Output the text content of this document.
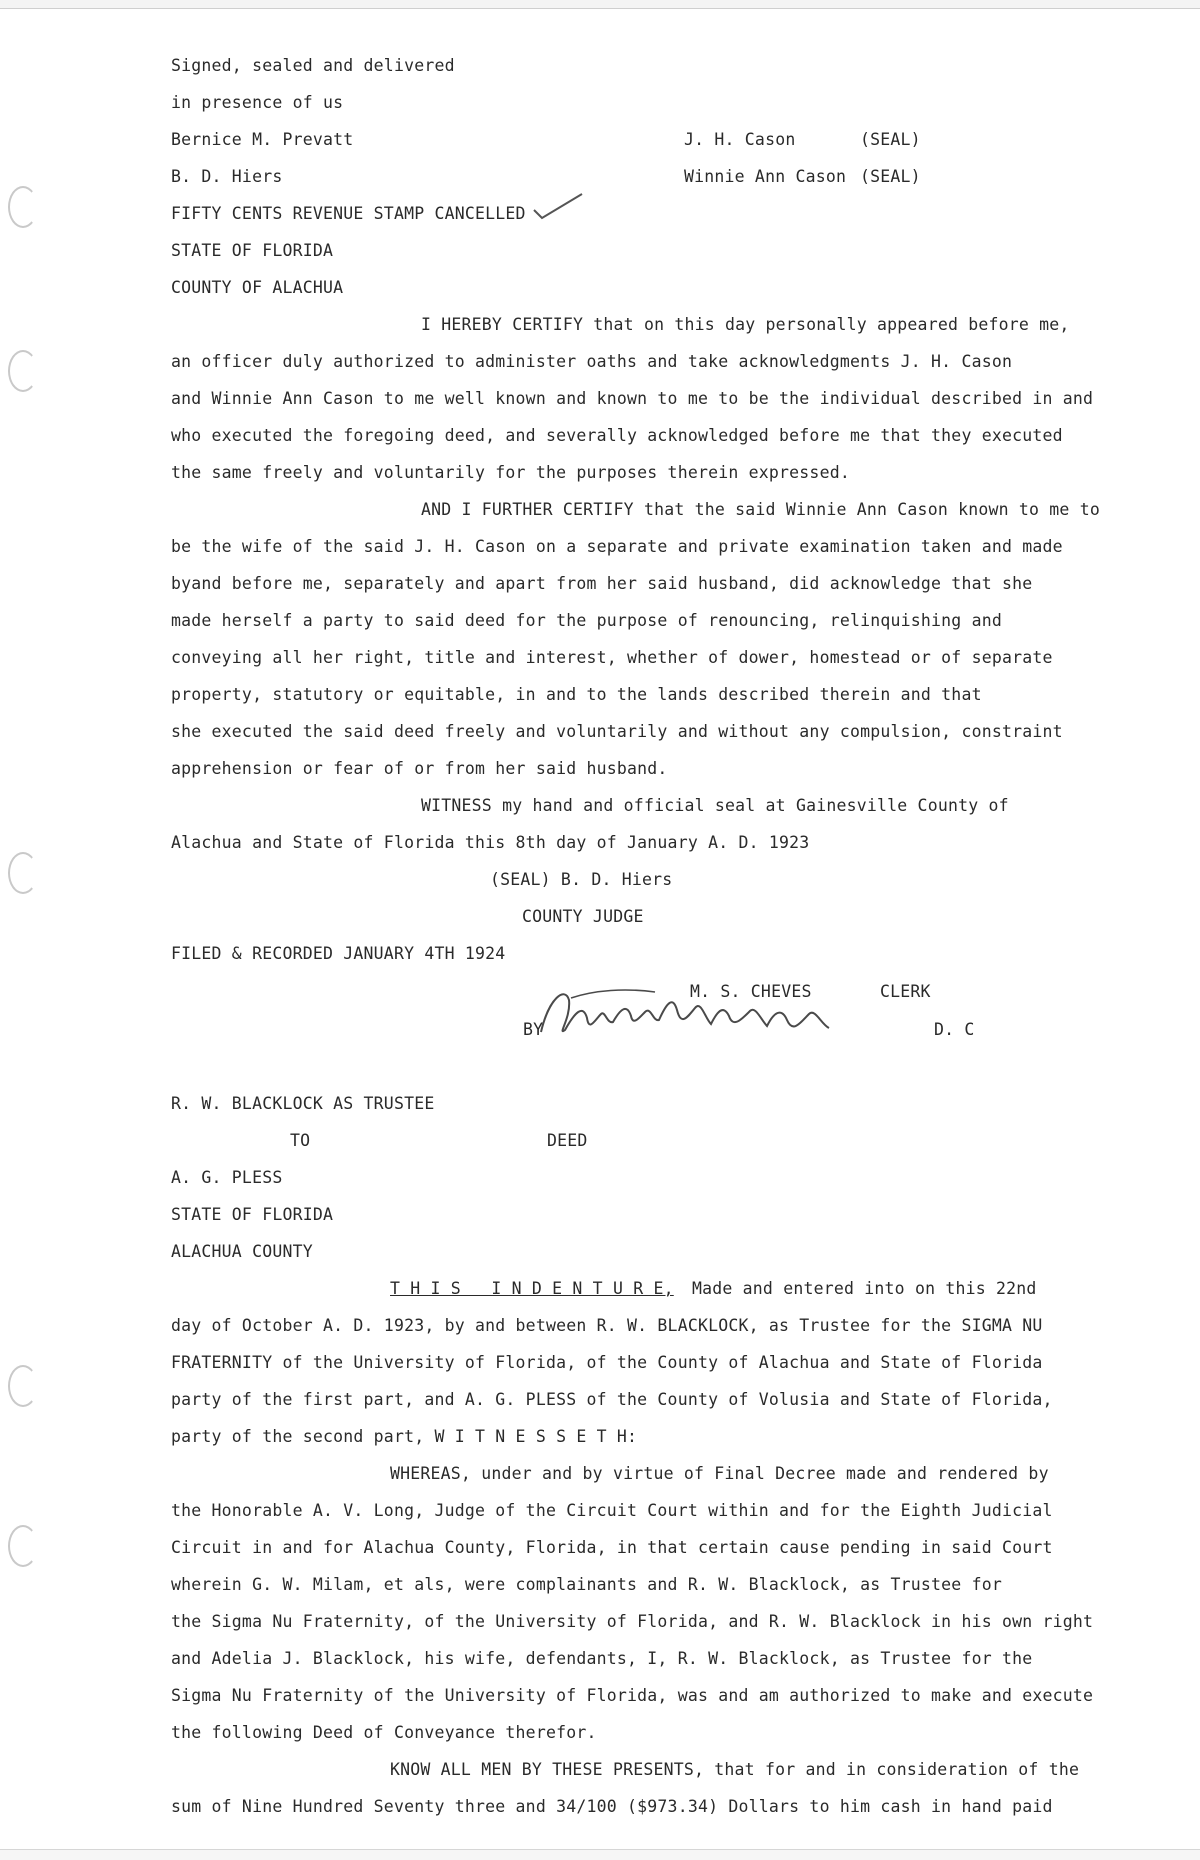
Signed, sealed and delivered
in presence of us
Bernice M. Prevatt	J. H. Cason	(SEAL)
B. D. Hiers	Winnie Ann Cason (SEAL)
FIFTY CENTS REVENUE STAMP CANCELLED
STATE OF FLORIDA
COUNTY OF ALACHUA
I HEREBY CERTIFY that on this day personally appeared before me,
an officer duly authorized to administer oaths and take acknowledgments J. H. Cason
and Winnie Ann Cason to me well known and known to me to be the individual described in and
who executed the foregoing deed, and severally acknowledged before me that they executed
the same freely and voluntarily for the purposes therein expressed.
AND I FURTHER CERTIFY that the said Winnie Ann Cason known to me to
be the wife of the said J. H. Cason on a separate and private examination taken and made
byand before me, separately and apart from her said husband, did acknowledge that she
made herself a party to said deed for the purpose of renouncing, relinquishing and
conveying all her right, title and interest, whether of dower, homestead or of separate
property, statutory or equitable, in and to the lands described therein and that
she executed the said deed freely and voluntarily and without any compulsion, constraint
apprehension or fear of or from her said husband.
WITNESS my hand and official seal at Gainesville County of
Alachua and State of Florida this 8th day of January A. D. 1923
(SEAL) B. D. Hiers
COUNTY JUDGE
FILED & RECORDED JANUARY 4TH 1924
M. S. CHEVES	CLERK
BY	D. C
R. W. BLACKLOCK AS TRUSTEE
TO	DEED
A. G. PLESS
STATE OF FLORIDA
ALACHUA COUNTY
T H I S   I N D E N T U R E, Made and entered into on this 22nd
day of October A. D. 1923, by and between R. W. BLACKLOCK, as Trustee for the SIGMA NU
FRATERNITY of the University of Florida, of the County of Alachua and State of Florida
party of the first part, and A. G. PLESS of the County of Volusia and State of Florida,
party of the second part, W I T N E S S E T H:
WHEREAS, under and by virtue of Final Decree made and rendered by
the Honorable A. V. Long, Judge of the Circuit Court within and for the Eighth Judicial
Circuit in and for Alachua County, Florida, in that certain cause pending in said Court
wherein G. W. Milam, et als, were complainants and R. W. Blacklock, as Trustee for
the Sigma Nu Fraternity, of the University of Florida, and R. W. Blacklock in his own right
and Adelia J. Blacklock, his wife, defendants, I, R. W. Blacklock, as Trustee for the
Sigma Nu Fraternity of the University of Florida, was and am authorized to make and execute
the following Deed of Conveyance therefor.
KNOW ALL MEN BY THESE PRESENTS, that for and in consideration of the
sum of Nine Hundred Seventy three and 34/100 ($973.34) Dollars to him cash in hand paid
